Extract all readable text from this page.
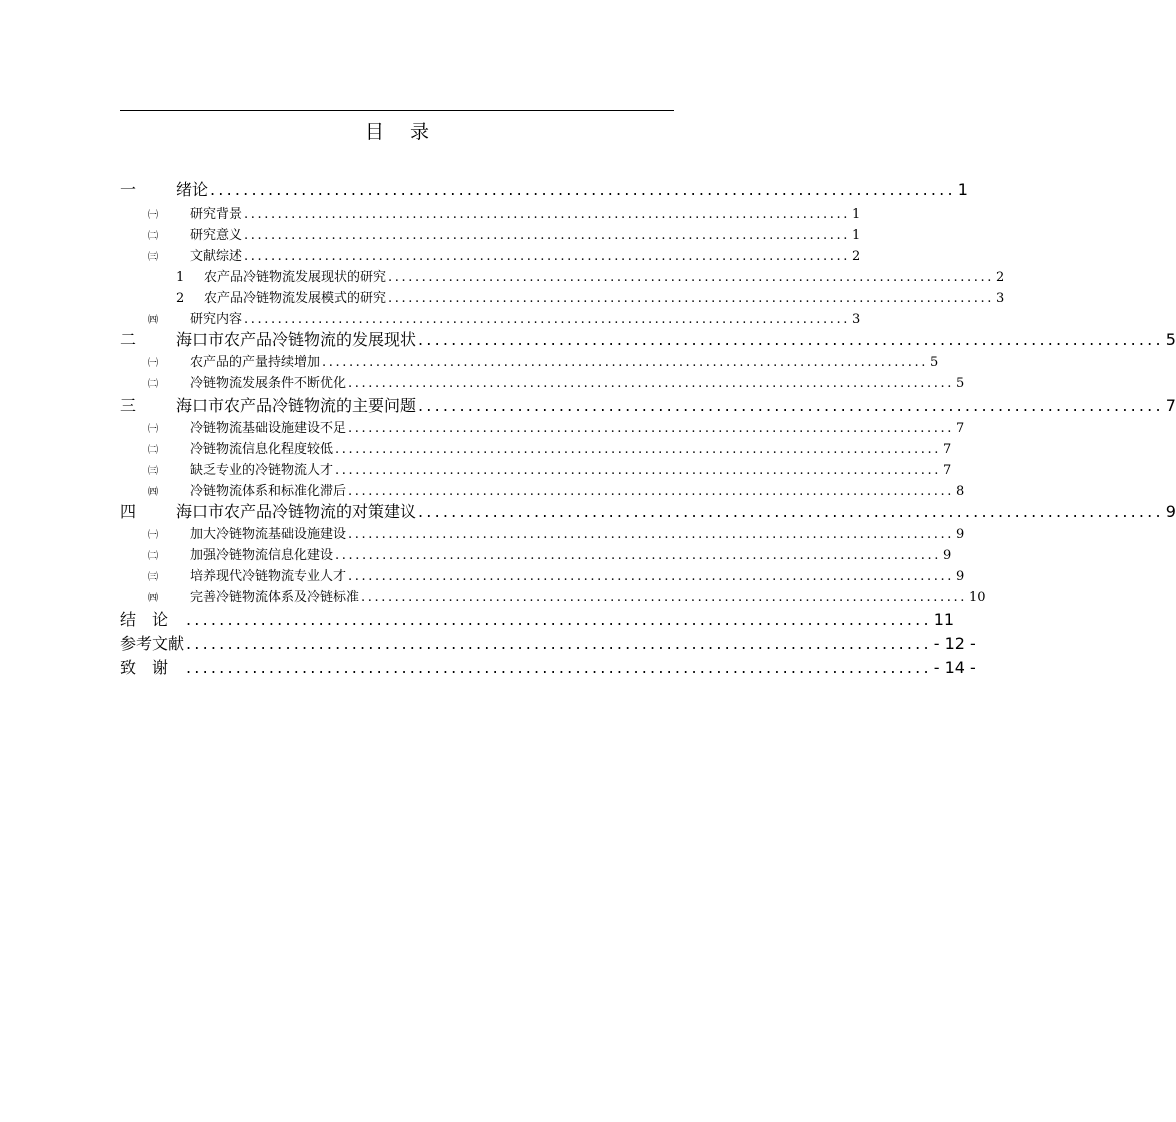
目录
一	绪论 .......................................................................................... 1
㈠	研究背景 .......................................................................................... 1
㈡	研究意义 .......................................................................................... 1
㈢	文献综述 .......................................................................................... 2
1	农产品冷链物流发展现状的研究 .......................................................................................... 2
2	农产品冷链物流发展模式的研究 .......................................................................................... 3
㈣	研究内容 .......................................................................................... 3
二	海口市农产品冷链物流的发展现状 .......................................................................................... 5
㈠	农产品的产量持续增加 .......................................................................................... 5
㈡	冷链物流发展条件不断优化 .......................................................................................... 5
三	海口市农产品冷链物流的主要问题 .......................................................................................... 7
㈠	冷链物流基础设施建设不足 .......................................................................................... 7
㈡	冷链物流信息化程度较低 .......................................................................................... 7
㈢	缺乏专业的冷链物流人才 .......................................................................................... 7
㈣	冷链物流体系和标准化滞后 .......................................................................................... 8
四	海口市农产品冷链物流的对策建议 .......................................................................................... 9
㈠	加大冷链物流基础设施建设 .......................................................................................... 9
㈡	加强冷链物流信息化建设 .......................................................................................... 9
㈢	培养现代冷链物流专业人才 .......................................................................................... 9
㈣	完善冷链物流体系及冷链标准 .......................................................................................... 10
结论 .......................................................................................... 11
参考文献 .......................................................................................... - 12 -
致谢 .......................................................................................... - 14 -
